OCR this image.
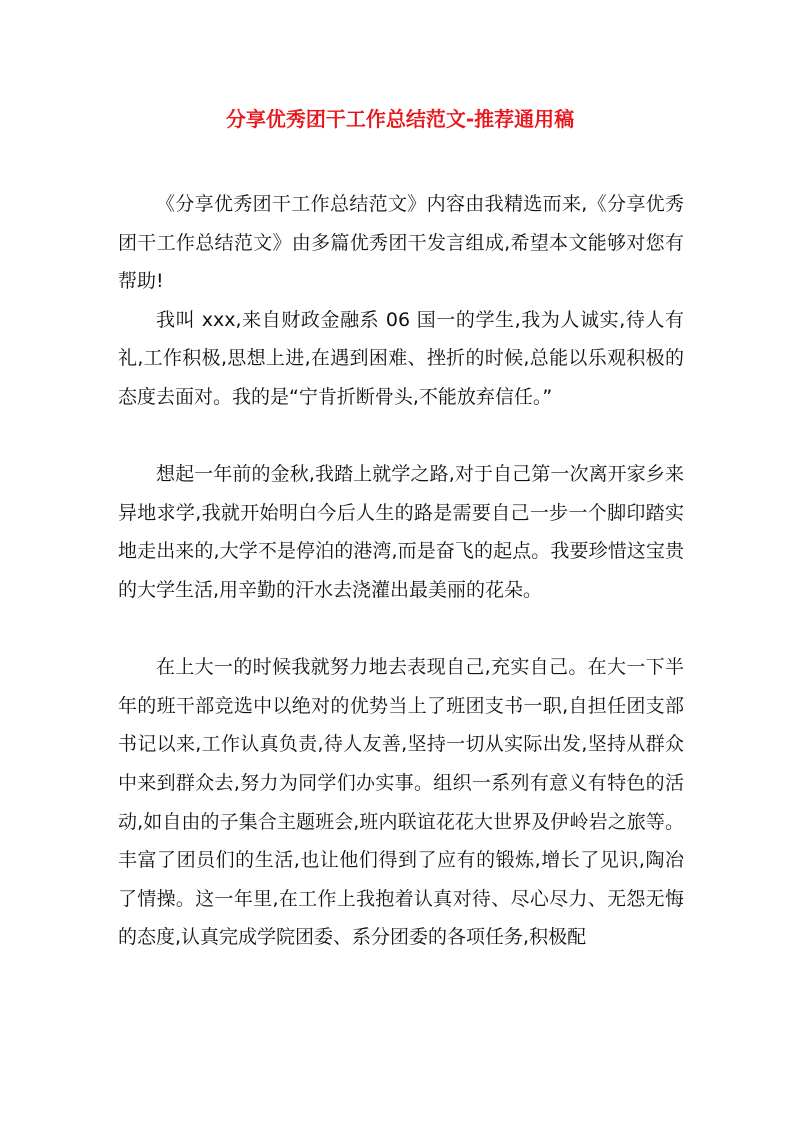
分享优秀团干工作总结范文-推荐通用稿

《分享优秀团干工作总结范文》内容由我精选而来,《分享优秀团干工作总结范文》由多篇优秀团干发言组成,希望本文能够对您有帮助!

我叫 xxx,来自财政金融系 06 国一的学生,我为人诚实,待人有礼,工作积极,思想上进,在遇到困难、挫折的时候,总能以乐观积极的态度去面对。我的是“宁肯折断骨头,不能放弃信任。”

想起一年前的金秋,我踏上就学之路,对于自己第一次离开家乡来异地求学,我就开始明白今后人生的路是需要自己一步一个脚印踏实地走出来的,大学不是停泊的港湾,而是奋飞的起点。我要珍惜这宝贵的大学生活,用辛勤的汗水去浇灌出最美丽的花朵。

在上大一的时候我就努力地去表现自己,充实自己。在大一下半年的班干部竞选中以绝对的优势当上了班团支书一职,自担任团支部书记以来,工作认真负责,待人友善,坚持一切从实际出发,坚持从群众中来到群众去,努力为同学们办实事。组织一系列有意义有特色的活动,如自由的子集合主题班会,班内联谊花花大世界及伊岭岩之旅等。丰富了团员们的生活,也让他们得到了应有的锻炼,增长了见识,陶冶了情操。这一年里,在工作上我抱着认真对待、尽心尽力、无怨无悔的态度,认真完成学院团委、系分团委的各项任务,积极配
